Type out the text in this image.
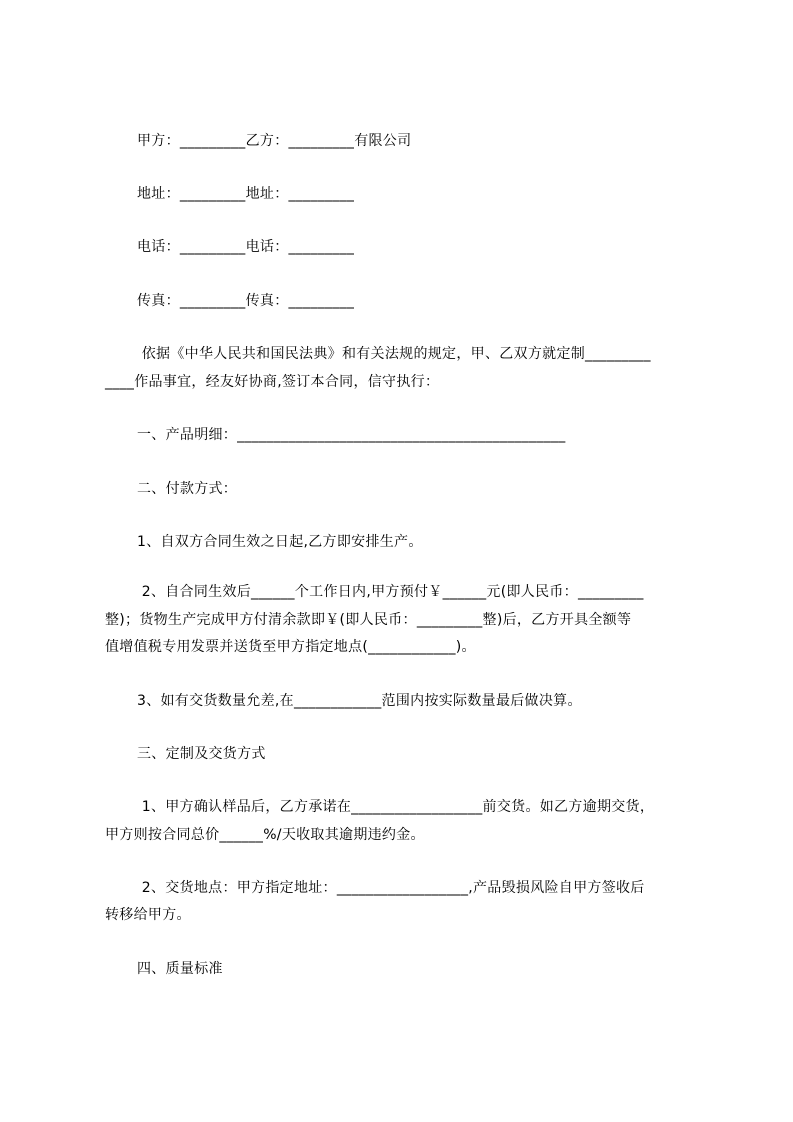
甲方：_________乙方：_________有限公司
地址：_________地址：_________
电话：_________电话：_________
传真：_________传真：_________
依据《中华人民共和国民法典》和有关法规的规定，甲、乙双方就定制_________
____作品事宜，经友好协商,签订本合同，信守执行：
一、产品明细：_____________________________________________
二、付款方式：
1、自双方合同生效之日起,乙方即安排生产。
2、自合同生效后______个工作日内,甲方预付￥______元(即人民币：_________
整)；货物生产完成甲方付清余款即￥(即人民币：_________整)后，乙方开具全额等
值增值税专用发票并送货至甲方指定地点(____________)。
3、如有交货数量允差,在____________范围内按实际数量最后做决算。
三、定制及交货方式
1、甲方确认样品后，乙方承诺在__________________前交货。如乙方逾期交货，
甲方则按合同总价______%/天收取其逾期违约金。
2、交货地点：甲方指定地址：__________________,产品毁损风险自甲方签收后
转移给甲方。
四、质量标准
